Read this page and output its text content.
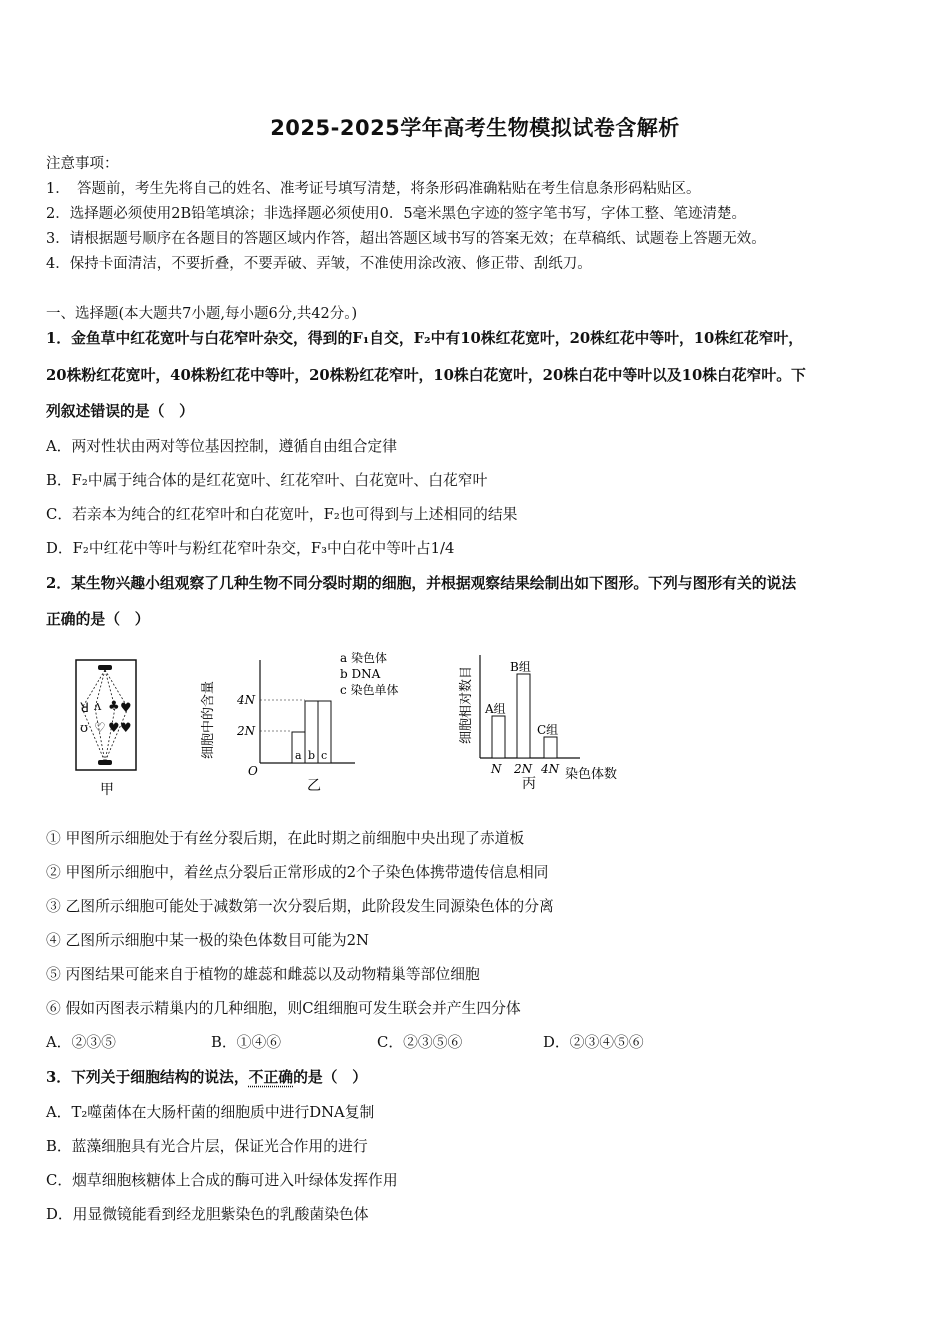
2025-2025学年高考生物模拟试卷含解析
注意事项：
1．　答题前，考生先将自己的姓名、准考证号填写清楚，将条形码准确粘贴在考生信息条形码粘贴区。
2．选择题必须使用2B铅笔填涂；非选择题必须使用0．5毫米黑色字迹的签字笔书写，字体工整、笔迹清楚。
3．请根据题号顺序在各题目的答题区域内作答，超出答题区域书写的答案无效；在草稿纸、试题卷上答题无效。
4．保持卡面清洁，不要折叠，不要弄破、弄皱，不准使用涂改液、修正带、刮纸刀。
一、选择题(本大题共7小题,每小题6分,共42分。)
1．金鱼草中红花宽叶与白花窄叶杂交，得到的F₁自交，F₂中有10株红花宽叶，20株红花中等叶，10株红花窄叶，
20株粉红花宽叶，40株粉红花中等叶，20株粉红花窄叶，10株白花宽叶，20株白花中等叶以及10株白花窄叶。下
列叙述错误的是（　）
A．两对性状由两对等位基因控制，遵循自由组合定律
B．F₂中属于纯合体的是红花宽叶、红花窄叶、白花宽叶、白花窄叶
C．若亲本为纯合的红花窄叶和白花宽叶，F₂也可得到与上述相同的结果
D．F₂中红花中等叶与粉红花窄叶杂交，F₃中白花中等叶占1/4
2．某生物兴趣小组观察了几种生物不同分裂时期的细胞，并根据观察结果绘制出如下图形。下列与图形有关的说法
正确的是（　）
ꓤ ʌ ♣ ♥
ʊ ♡ ♥ ♥
甲
细胞中的含量 4N
2N
O
a b c
a 染色体
b DNA
c 染色单体
乙
细胞相对数目 A组
B组
C组
N 2N 4N 染色体数
丙
① 甲图所示细胞处于有丝分裂后期，在此时期之前细胞中央出现了赤道板
② 甲图所示细胞中，着丝点分裂后正常形成的2个子染色体携带遗传信息相同
③ 乙图所示细胞可能处于减数第一次分裂后期，此阶段发生同源染色体的分离
④ 乙图所示细胞中某一极的染色体数目可能为2N
⑤ 丙图结果可能来自于植物的雄蕊和雌蕊以及动物精巢等部位细胞
⑥ 假如丙图表示精巢内的几种细胞，则C组细胞可发生联会并产生四分体
A．②③⑤	B．①④⑥	C．②③⑤⑥	D．②③④⑤⑥
3．下列关于细胞结构的说法，不正确的是（　）
A．T₂噬菌体在大肠杆菌的细胞质中进行DNA复制
B．蓝藻细胞具有光合片层，保证光合作用的进行
C．烟草细胞核糖体上合成的酶可进入叶绿体发挥作用
D．用显微镜能看到经龙胆紫染色的乳酸菌染色体
